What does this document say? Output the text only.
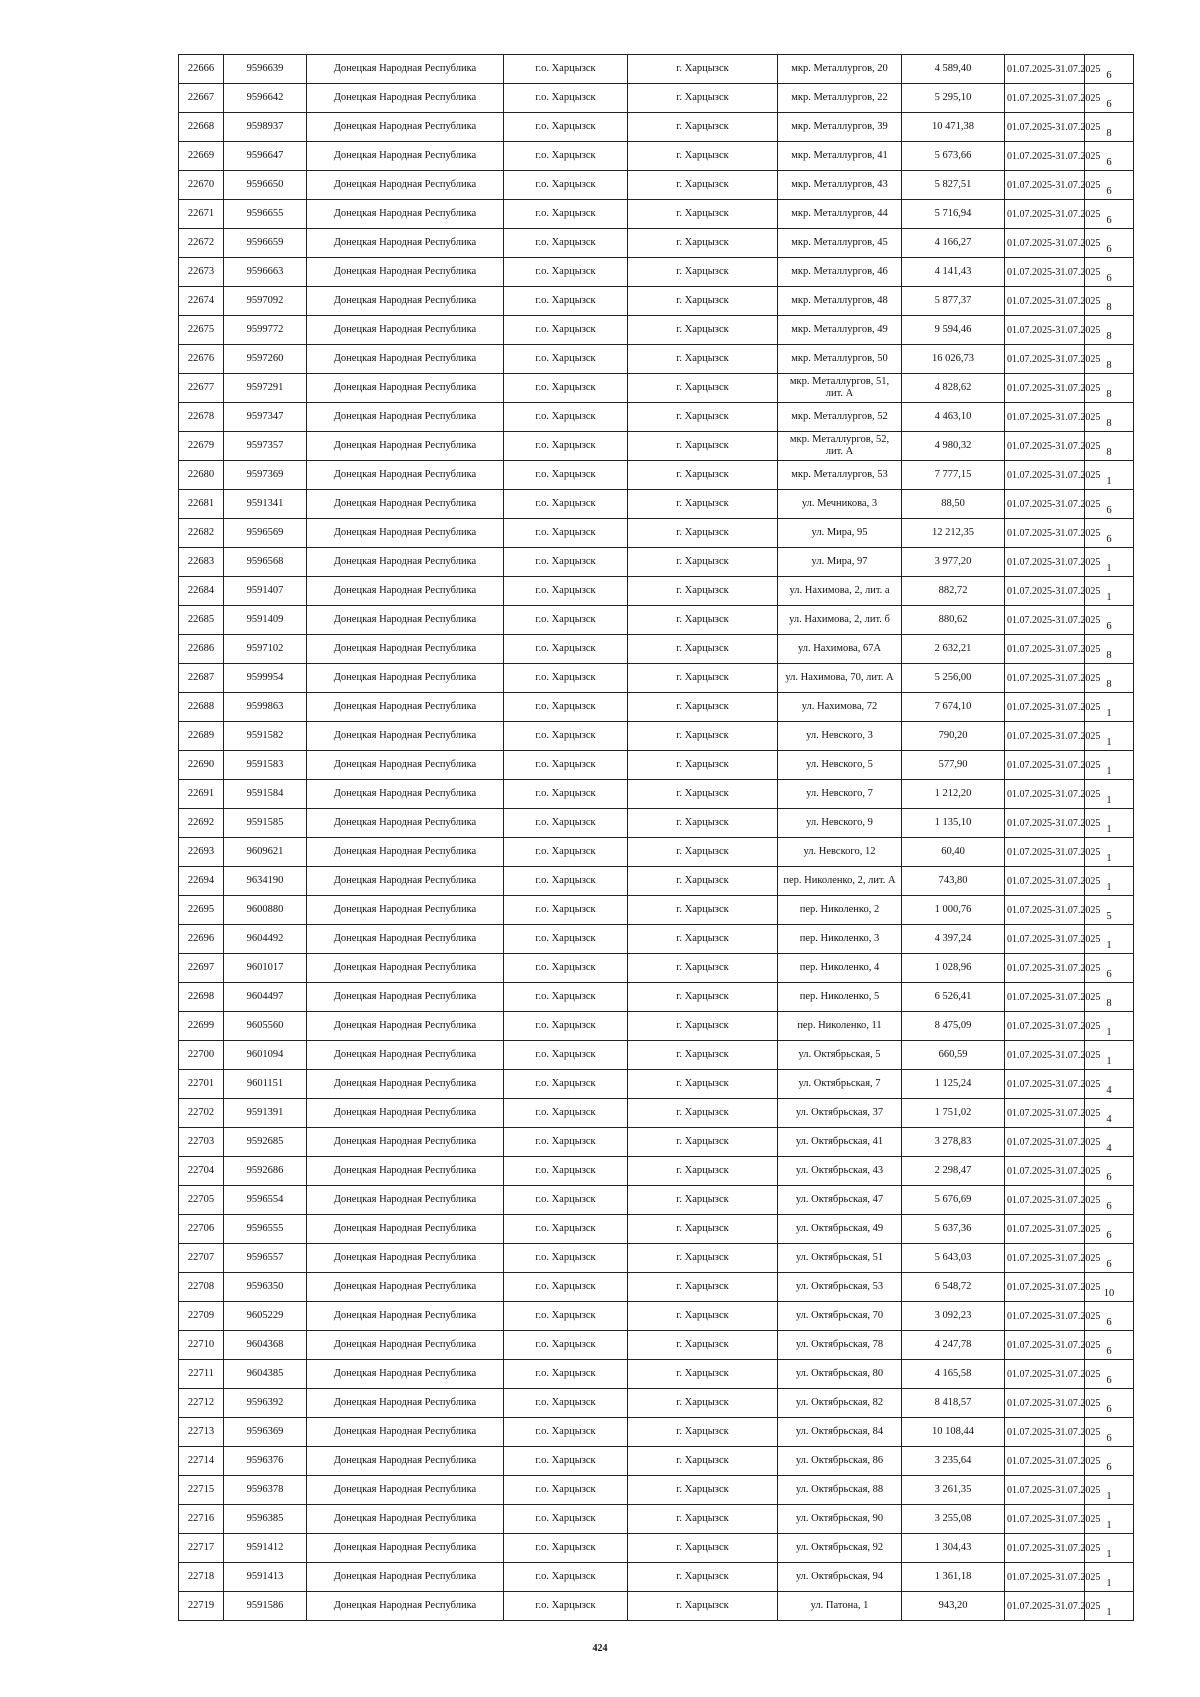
22666	9596639	Донецкая Народная Республика	г.о. Харцызск	г. Харцызск	мкр. Металлургов, 20	4 589,40	01.07.2025-31.07.2025	6
22667	9596642	Донецкая Народная Республика	г.о. Харцызск	г. Харцызск	мкр. Металлургов, 22	5 295,10	01.07.2025-31.07.2025	6
22668	9598937	Донецкая Народная Республика	г.о. Харцызск	г. Харцызск	мкр. Металлургов, 39	10 471,38	01.07.2025-31.07.2025	8
22669	9596647	Донецкая Народная Республика	г.о. Харцызск	г. Харцызск	мкр. Металлургов, 41	5 673,66	01.07.2025-31.07.2025	6
22670	9596650	Донецкая Народная Республика	г.о. Харцызск	г. Харцызск	мкр. Металлургов, 43	5 827,51	01.07.2025-31.07.2025	6
22671	9596655	Донецкая Народная Республика	г.о. Харцызск	г. Харцызск	мкр. Металлургов, 44	5 716,94	01.07.2025-31.07.2025	6
22672	9596659	Донецкая Народная Республика	г.о. Харцызск	г. Харцызск	мкр. Металлургов, 45	4 166,27	01.07.2025-31.07.2025	6
22673	9596663	Донецкая Народная Республика	г.о. Харцызск	г. Харцызск	мкр. Металлургов, 46	4 141,43	01.07.2025-31.07.2025	6
22674	9597092	Донецкая Народная Республика	г.о. Харцызск	г. Харцызск	мкр. Металлургов, 48	5 877,37	01.07.2025-31.07.2025	8
22675	9599772	Донецкая Народная Республика	г.о. Харцызск	г. Харцызск	мкр. Металлургов, 49	9 594,46	01.07.2025-31.07.2025	8
22676	9597260	Донецкая Народная Республика	г.о. Харцызск	г. Харцызск	мкр. Металлургов, 50	16 026,73	01.07.2025-31.07.2025	8
22677	9597291	Донецкая Народная Республика	г.о. Харцызск	г. Харцызск	мкр. Металлургов, 51, лит. А	4 828,62	01.07.2025-31.07.2025	8
22678	9597347	Донецкая Народная Республика	г.о. Харцызск	г. Харцызск	мкр. Металлургов, 52	4 463,10	01.07.2025-31.07.2025	8
22679	9597357	Донецкая Народная Республика	г.о. Харцызск	г. Харцызск	мкр. Металлургов, 52, лит. А	4 980,32	01.07.2025-31.07.2025	8
22680	9597369	Донецкая Народная Республика	г.о. Харцызск	г. Харцызск	мкр. Металлургов, 53	7 777,15	01.07.2025-31.07.2025	1
22681	9591341	Донецкая Народная Республика	г.о. Харцызск	г. Харцызск	ул. Мечникова, 3	88,50	01.07.2025-31.07.2025	6
22682	9596569	Донецкая Народная Республика	г.о. Харцызск	г. Харцызск	ул. Мира, 95	12 212,35	01.07.2025-31.07.2025	6
22683	9596568	Донецкая Народная Республика	г.о. Харцызск	г. Харцызск	ул. Мира, 97	3 977,20	01.07.2025-31.07.2025	1
22684	9591407	Донецкая Народная Республика	г.о. Харцызск	г. Харцызск	ул. Нахимова, 2, лит. а	882,72	01.07.2025-31.07.2025	1
22685	9591409	Донецкая Народная Республика	г.о. Харцызск	г. Харцызск	ул. Нахимова, 2, лит. б	880,62	01.07.2025-31.07.2025	6
22686	9597102	Донецкая Народная Республика	г.о. Харцызск	г. Харцызск	ул. Нахимова, 67А	2 632,21	01.07.2025-31.07.2025	8
22687	9599954	Донецкая Народная Республика	г.о. Харцызск	г. Харцызск	ул. Нахимова, 70, лит. А	5 256,00	01.07.2025-31.07.2025	8
22688	9599863	Донецкая Народная Республика	г.о. Харцызск	г. Харцызск	ул. Нахимова, 72	7 674,10	01.07.2025-31.07.2025	1
22689	9591582	Донецкая Народная Республика	г.о. Харцызск	г. Харцызск	ул. Невского, 3	790,20	01.07.2025-31.07.2025	1
22690	9591583	Донецкая Народная Республика	г.о. Харцызск	г. Харцызск	ул. Невского, 5	577,90	01.07.2025-31.07.2025	1
22691	9591584	Донецкая Народная Республика	г.о. Харцызск	г. Харцызск	ул. Невского, 7	1 212,20	01.07.2025-31.07.2025	1
22692	9591585	Донецкая Народная Республика	г.о. Харцызск	г. Харцызск	ул. Невского, 9	1 135,10	01.07.2025-31.07.2025	1
22693	9609621	Донецкая Народная Республика	г.о. Харцызск	г. Харцызск	ул. Невского, 12	60,40	01.07.2025-31.07.2025	1
22694	9634190	Донецкая Народная Республика	г.о. Харцызск	г. Харцызск	пер. Николенко, 2, лит. А	743,80	01.07.2025-31.07.2025	1
22695	9600880	Донецкая Народная Республика	г.о. Харцызск	г. Харцызск	пер. Николенко, 2	1 000,76	01.07.2025-31.07.2025	5
22696	9604492	Донецкая Народная Республика	г.о. Харцызск	г. Харцызск	пер. Николенко, 3	4 397,24	01.07.2025-31.07.2025	1
22697	9601017	Донецкая Народная Республика	г.о. Харцызск	г. Харцызск	пер. Николенко, 4	1 028,96	01.07.2025-31.07.2025	6
22698	9604497	Донецкая Народная Республика	г.о. Харцызск	г. Харцызск	пер. Николенко, 5	6 526,41	01.07.2025-31.07.2025	8
22699	9605560	Донецкая Народная Республика	г.о. Харцызск	г. Харцызск	пер. Николенко, 11	8 475,09	01.07.2025-31.07.2025	1
22700	9601094	Донецкая Народная Республика	г.о. Харцызск	г. Харцызск	ул. Октябрьская, 5	660,59	01.07.2025-31.07.2025	1
22701	9601151	Донецкая Народная Республика	г.о. Харцызск	г. Харцызск	ул. Октябрьская, 7	1 125,24	01.07.2025-31.07.2025	4
22702	9591391	Донецкая Народная Республика	г.о. Харцызск	г. Харцызск	ул. Октябрьская, 37	1 751,02	01.07.2025-31.07.2025	4
22703	9592685	Донецкая Народная Республика	г.о. Харцызск	г. Харцызск	ул. Октябрьская, 41	3 278,83	01.07.2025-31.07.2025	4
22704	9592686	Донецкая Народная Республика	г.о. Харцызск	г. Харцызск	ул. Октябрьская, 43	2 298,47	01.07.2025-31.07.2025	6
22705	9596554	Донецкая Народная Республика	г.о. Харцызск	г. Харцызск	ул. Октябрьская, 47	5 676,69	01.07.2025-31.07.2025	6
22706	9596555	Донецкая Народная Республика	г.о. Харцызск	г. Харцызск	ул. Октябрьская, 49	5 637,36	01.07.2025-31.07.2025	6
22707	9596557	Донецкая Народная Республика	г.о. Харцызск	г. Харцызск	ул. Октябрьская, 51	5 643,03	01.07.2025-31.07.2025	6
22708	9596350	Донецкая Народная Республика	г.о. Харцызск	г. Харцызск	ул. Октябрьская, 53	6 548,72	01.07.2025-31.07.2025	10
22709	9605229	Донецкая Народная Республика	г.о. Харцызск	г. Харцызск	ул. Октябрьская, 70	3 092,23	01.07.2025-31.07.2025	6
22710	9604368	Донецкая Народная Республика	г.о. Харцызск	г. Харцызск	ул. Октябрьская, 78	4 247,78	01.07.2025-31.07.2025	6
22711	9604385	Донецкая Народная Республика	г.о. Харцызск	г. Харцызск	ул. Октябрьская, 80	4 165,58	01.07.2025-31.07.2025	6
22712	9596392	Донецкая Народная Республика	г.о. Харцызск	г. Харцызск	ул. Октябрьская, 82	8 418,57	01.07.2025-31.07.2025	6
22713	9596369	Донецкая Народная Республика	г.о. Харцызск	г. Харцызск	ул. Октябрьская, 84	10 108,44	01.07.2025-31.07.2025	6
22714	9596376	Донецкая Народная Республика	г.о. Харцызск	г. Харцызск	ул. Октябрьская, 86	3 235,64	01.07.2025-31.07.2025	6
22715	9596378	Донецкая Народная Республика	г.о. Харцызск	г. Харцызск	ул. Октябрьская, 88	3 261,35	01.07.2025-31.07.2025	1
22716	9596385	Донецкая Народная Республика	г.о. Харцызск	г. Харцызск	ул. Октябрьская, 90	3 255,08	01.07.2025-31.07.2025	1
22717	9591412	Донецкая Народная Республика	г.о. Харцызск	г. Харцызск	ул. Октябрьская, 92	1 304,43	01.07.2025-31.07.2025	1
22718	9591413	Донецкая Народная Республика	г.о. Харцызск	г. Харцызск	ул. Октябрьская, 94	1 361,18	01.07.2025-31.07.2025	1
22719	9591586	Донецкая Народная Республика	г.о. Харцызск	г. Харцызск	ул. Патона, 1	943,20	01.07.2025-31.07.2025	1
424
